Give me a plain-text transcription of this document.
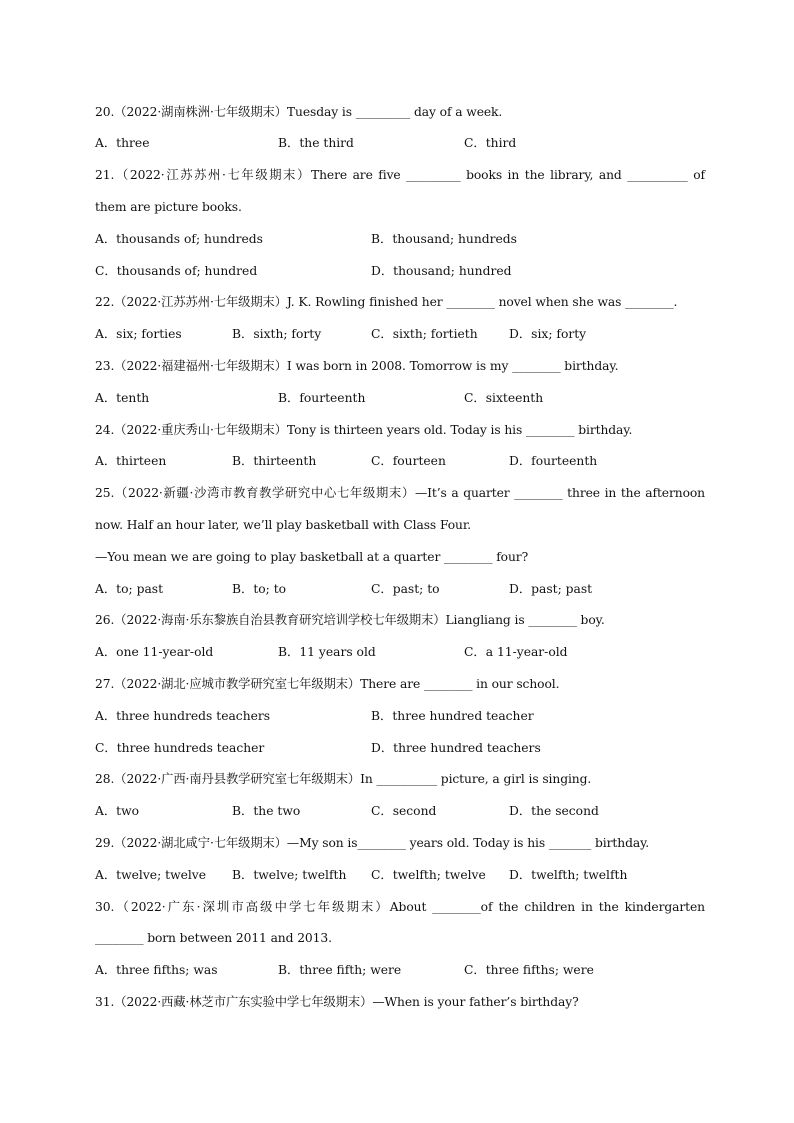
20.（2022·湖南株洲·七年级期末）Tuesday is _________ day of a week.
A．three	B．the third	C．third
21.（2022·江苏苏州·七年级期末）There are five _________ books in the library, and __________ of
them are picture books.
A．thousands of; hundreds	B．thousand; hundreds
C．thousands of; hundred	D．thousand; hundred
22.（2022·江苏苏州·七年级期末）J. K. Rowling finished her ________ novel when she was ________.
A．six; forties	B．sixth; forty	C．sixth; fortieth	D．six; forty
23.（2022·福建福州·七年级期末）I was born in 2008. Tomorrow is my ________ birthday.
A．tenth	B．fourteenth	C．sixteenth
24.（2022·重庆秀山·七年级期末）Tony is thirteen years old. Today is his ________ birthday.
A．thirteen	B．thirteenth	C．fourteen	D．fourteenth
25.（2022·新疆·沙湾市教育教学研究中心七年级期末）—It’s a quarter ________ three in the afternoon
now. Half an hour later, we’ll play basketball with Class Four.
—You mean we are going to play basketball at a quarter ________ four?
A．to; past	B．to; to	C．past; to	D．past; past
26.（2022·海南·乐东黎族自治县教育研究培训学校七年级期末）Liangliang is ________ boy.
A．one 11-year-old	B．11 years old	C．a 11-year-old
27.（2022·湖北·应城市教学研究室七年级期末）There are ________ in our school.
A．three hundreds teachers	B．three hundred teacher
C．three hundreds teacher	D．three hundred teachers
28.（2022·广西·南丹县教学研究室七年级期末）In __________ picture, a girl is singing.
A．two	B．the two	C．second	D．the second
29.（2022·湖北咸宁·七年级期末）—My son is________ years old. Today is his _______ birthday.
A．twelve; twelve B．twelve; twelfth C．twelfth; twelve D．twelfth; twelfth
30.（2022·广东·深圳市高级中学七年级期末）About ________of the children in the kindergarten
________ born between 2011 and 2013.
A．three fifths; was	B．three fifth; were	C．three fifths; were
31.（2022·西藏·林芝市广东实验中学七年级期末）—When is your father’s birthday?
